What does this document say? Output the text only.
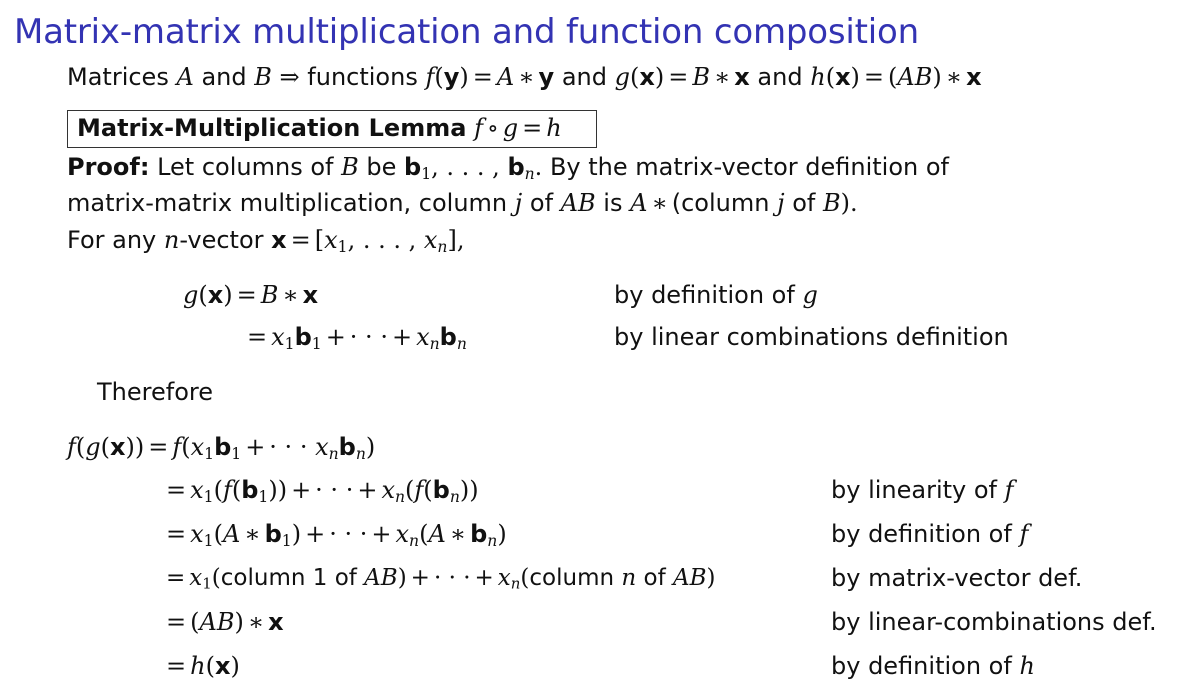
Matrix-matrix multiplication and function composition
Matrices A and B ⇒ functions f(y) = A ∗ y and g(x) = B ∗ x and h(x) = (AB) ∗ x
Matrix-Multiplication Lemma f ∘ g = h
Proof: Let columns of B be $b_1$, . . . , $b_n$. By the matrix-vector definition of
matrix-matrix multiplication, column j of AB is A ∗ (column j of B).
For any n-vector $x = [x_1$, . . . , $x_n$],
g(x) = B ∗ x	by definition of g
= $x_1b_1$ + · · · + $x_nb_n$	by linear combinations definition
Therefore
$f(g(x)) = f(x_1b_1$ + · · · $x_nb_n$)
= $x_1(f(b_1))$ + · · · + $x_n(f(b_n))$	by linearity of f
= $x_1(A$ ∗ $b_1$) + · · · + $x_n(A$ ∗ $b_n$)	by definition of f
= $x_1(column$ 1 of AB) + · · · + $x_n(column$ n of AB)	by matrix-vector def.
= (AB) ∗ x	by linear-combinations def.
= h(x)	by definition of h
